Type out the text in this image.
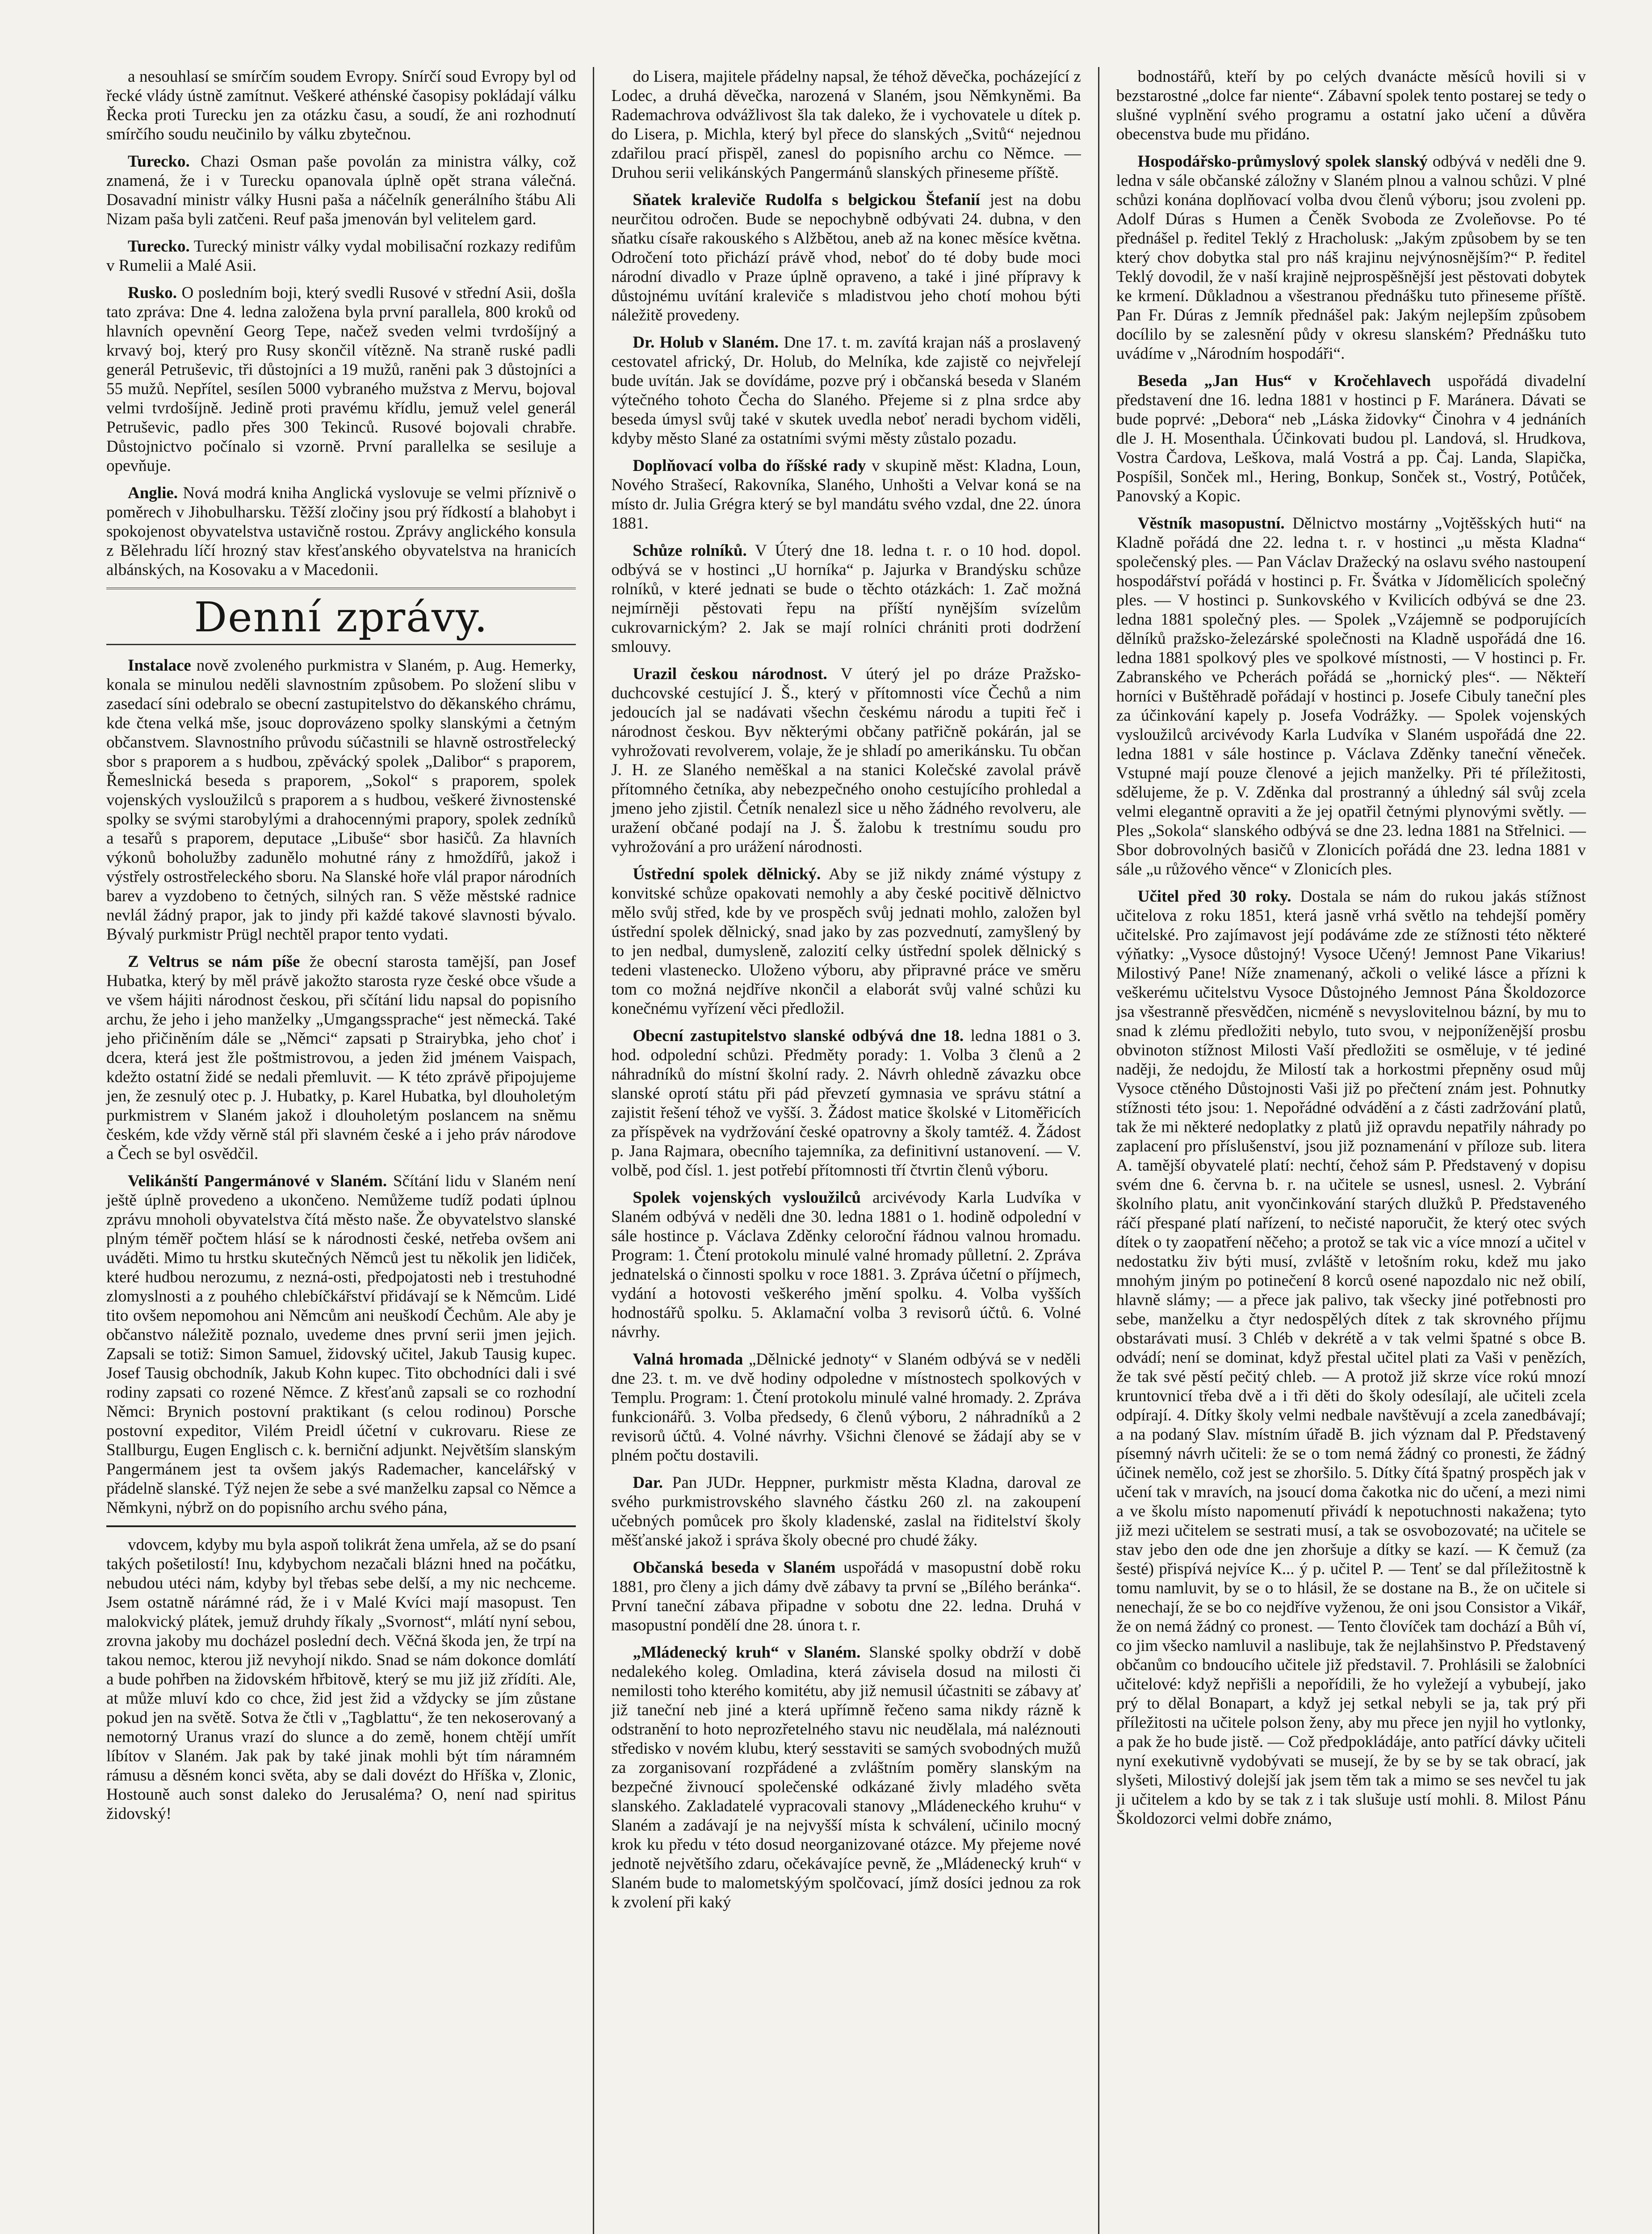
a nesouhlasí se smírčím soudem Evropy. Snírčí soud Evropy byl od řecké vlády ústně zamítnut. Veškeré athénské časopisy pokládají válku Řecka proti Turecku jen za otázku času, a soudí, že ani rozhodnutí smírčího soudu neučinilo by válku zbytečnou.

Turecko. Chazi Osman paše povolán za ministra války, což znamená, že i v Turecku opanovala úplně opět strana válečná. Dosavadní ministr války Husni paša a náčelník generálního štábu Ali Nizam paša byli zatčeni. Reuf paša jmenován byl velitelem gard.

Turecko. Turecký ministr války vydal mobilisační rozkazy redifům v Rumelii a Malé Asii.

Rusko. O posledním boji, který svedli Rusové v střední Asii, došla tato zpráva: Dne 4. ledna založena byla první parallela, 800 kroků od hlavních opevnění Georg Tepe, načež sveden velmi tvrdošíjný a krvavý boj, který pro Rusy skončil vítězně. Na straně ruské padli generál Petruševic, tři důstojníci a 19 mužů, raněni pak 3 důstojníci a 55 mužů. Nepřítel, sesílen 5000 vybraného mužstva z Mervu, bojoval velmi tvrdošíjně. Jedině proti pravému křídlu, jemuž velel generál Petruševic, padlo přes 300 Tekinců. Rusové bojovali chrabře. Důstojnictvo počínalo si vzorně. První parallelka se sesiluje a opevňuje.

Anglie. Nová modrá kniha Anglická vyslovuje se velmi příznivě o poměrech v Jihobulharsku. Těžší zločiny jsou prý řídkostí a blahobyt i spokojenost obyvatelstva ustavičně rostou. Zprávy anglického konsula z Bělehradu líčí hrozný stav křesťanského obyvatelstva na hranicích albánských, na Kosovaku a v Macedonii.

Denní zprávy.

Instalace nově zvoleného purkmistra v Slaném, p. Aug. Hemerky, konala se minulou neděli slavnostním způsobem. Po složení slibu v zasedací síni odebralo se obecní zastupitelstvo do děkanského chrámu, kde čtena velká mše, jsouc doprovázeno spolky slanskými a četným občanstvem. Slavnostního průvodu súčastnili se hlavně ostrostřelecký sbor s praporem a s hudbou, zpěvácký spolek „Dalibor“ s praporem, Řemeslnická beseda s praporem, „Sokol“ s praporem, spolek vojenských vysloužilců s praporem a s hudbou, veškeré živnostenské spolky se svými starobylými a drahocennými prapory, spolek zedníků a tesařů s praporem, deputace „Libuše“ sbor hasičů. Za hlavních výkonů boholužby zadunělo mohutné rány z hmoždířů, jakož i výstřely ostrostřeleckého sboru. Na Slanské hoře vlál prapor národních barev a vyzdobeno to četných, silných ran. S věže městské radnice nevlál žádný prapor, jak to jindy při každé takové slavnosti bývalo. Bývalý purkmistr Prügl nechtěl prapor tento vydati.

Z Veltrus se nám píše že obecní starosta tamější, pan Josef Hubatka, který by měl právě jakožto starosta ryze české obce všude a ve všem hájiti národnost českou, při sčítání lidu napsal do popisního archu, že jeho i jeho manželky „Umgangssprache“ jest německá. Také jeho přičiněním dále se „Němci“ zapsati p Strairybka, jeho choť i dcera, která jest žle poštmistrovou, a jeden žid jménem Vaispach, kdežto ostatní židé se nedali přemluvit. — K této zprávě připojujeme jen, že zesnulý otec p. J. Hubatky, p. Karel Hubatka, byl dlouholetým purkmistrem v Slaném jakož i dlouholetým poslancem na sněmu českém, kde vždy věrně stál při slavném české a i jeho práv národove a Čech se byl osvědčil.

Velikánští Pangermánové v Slaném. Sčítání lidu v Slaném není ještě úplně provedeno a ukončeno. Nemůžeme tudíž podati úplnou zprávu mnoholi obyvatelstva čítá město naše. Že obyvatelstvo slanské plným téměř počtem hlásí se k národnosti české, netřeba ovšem ani uváděti. Mimo tu hrstku skutečných Němců jest tu několik jen lidiček, které hudbou nerozumu, z nezná-osti, předpojatosti neb i trestuhodné zlomyslnosti a z pouhého chlebíčkářství přidávají se k Němcům. Lidé tito ovšem nepomohou ani Němcům ani neuškodí Čechům. Ale aby je občanstvo náležitě poznalo, uvedeme dnes první serii jmen jejich. Zapsali se totiž: Simon Samuel, židovský učitel, Jakub Tausig kupec. Josef Tausig obchodník, Jakub Kohn kupec. Tito obchodníci dali i své rodiny zapsati co rozené Němce. Z křesťanů zapsali se co rozhodní Němci: Brynich postovní praktikant (s celou rodinou) Porsche postovní expeditor, Vilém Preidl účetní v cukrovaru. Riese ze Stallburgu, Eugen Englisch c. k. berniční adjunkt. Největším slanským Pangermánem jest ta ovšem jakýs Rademacher, kancelářský v přádelně slanské. Týž nejen že sebe a své manželku zapsal co Němce a Němkyni, nýbrž on do popisního archu svého pána,

vdovcem, kdyby mu byla aspoň tolikrát žena umřela, až se do psaní takých pošetilostí! Inu, kdybychom nezačali blázni hned na počátku, nebudou utéci nám, kdyby byl třebas sebe delší, a my nic nechceme. Jsem ostatně nárámné rád, že i v Malé Kvíci mají masopust. Ten malokvický plátek, jemuž druhdy říkaly „Svornost“, mlátí nyní sebou, zrovna jakoby mu docházel poslední dech. Věčná škoda jen, že trpí na takou nemoc, kterou již nevyhojí nikdo. Snad se nám dokonce domlátí a bude pohřben na židovském hřbitově, který se mu již již zřídíti. Ale, at může mluví kdo co chce, žid jest žid a vždycky se jím zůstane pokud jen na světě. Sotva že čtli v „Tagblattu“, že ten nekoserovaný a nemotorný Uranus vrazí do slunce a do země, honem chtějí umřít líbítov v Slaném. Jak pak by také jinak mohli být tím náramném rámusu a děsném konci světa, aby se dali dovézt do Hříška v, Zlonic, Hostouně auch sonst daleko do Jerusaléma? O, není nad spiritus židovský!

do Lisera, majitele přádelny napsal, že téhož děvečka, pocházející z Lodec, a druhá děvečka, narozená v Slaném, jsou Němkyněmi. Ba Rademachrova odvážlivost šla tak daleko, že i vychovatele u dítek p. do Lisera, p. Michla, který byl přece do slanských „Svitů“ nejednou zdařilou prací přispěl, zanesl do popisního archu co Němce. — Druhou serii velikánských Pangermánů slanských přineseme příště.

Sňatek kraleviče Rudolfa s belgickou Štefanií jest na dobu neurčitou odročen. Bude se nepochybně odbývati 24. dubna, v den sňatku císaře rakouského s Alžbětou, aneb až na konec měsíce května. Odročení toto přichází právě vhod, neboť do té doby bude moci národní divadlo v Praze úplně opraveno, a také i jiné přípravy k důstojnému uvítání kraleviče s mladistvou jeho chotí mohou býti náležitě provedeny.

Dr. Holub v Slaném. Dne 17. t. m. zavítá krajan náš a proslavený cestovatel africký, Dr. Holub, do Melníka, kde zajistě co nejvřelejí bude uvítán. Jak se dovídáme, pozve prý i občanská beseda v Slaném výtečného tohoto Čecha do Slaného. Přejeme si z plna srdce aby beseda úmysl svůj také v skutek uvedla neboť neradi bychom viděli, kdyby město Slané za ostatními svými městy zůstalo pozadu.

Doplňovací volba do říšské rady v skupině měst: Kladna, Loun, Nového Strašecí, Rakovníka, Slaného, Unhošti a Velvar koná se na místo dr. Julia Grégra který se byl mandátu svého vzdal, dne 22. února 1881.

Schůze rolníků. V Úterý dne 18. ledna t. r. o 10 hod. dopol. odbývá se v hostinci „U horníka“ p. Jajurka v Brandýsku schůze rolníků, v které jednati se bude o těchto otázkách: 1. Zač možná nejmírněji pěstovati řepu na příští nynějším svízelům cukrovarnickým? 2. Jak se mají rolníci chrániti proti dodržení smlouvy.

Urazil českou národnost. V úterý jel po dráze Pražsko-duchcovské cestující J. Š., který v přítomnosti více Čechů a nim jedoucích jal se nadávati všechn českému národu a tupiti řeč i národnost českou. Byv některými občany patřičně pokárán, jal se vyhrožovati revolverem, volaje, že je shladí po amerikánsku. Tu občan J. H. ze Slaného neměškal a na stanici Kolečské zavolal právě přítomného četníka, aby nebezpečného onoho cestujícího prohledal a jmeno jeho zjistil. Četník nenalezl sice u něho žádného revolveru, ale uražení občané podají na J. Š. žalobu k trestnímu soudu pro vyhrožování a pro urážení národnosti.

Ústřední spolek dělnický. Aby se již nikdy známé výstupy z konvitské schůze opakovati nemohly a aby české pocitivě dělnictvo mělo svůj střed, kde by ve prospěch svůj jednati mohlo, založen byl ústřední spolek dělnický, snad jako by zas pozvednutí, zamyšlený by to jen nedbal, dumysleně, zalozití celky ústřední spolek dělnický s tedeni vlastenecko. Uloženo výboru, aby připravné práce ve směru tom co možná nejdříve nkončil a elaborát svůj valné schůzi ku konečnému vyřízení věci předložil.

Obecní zastupitelstvo slanské odbývá dne 18. ledna 1881 o 3. hod. odpolední schůzi. Předměty porady: 1. Volba 3 členů a 2 náhradníků do místní školní rady. 2. Návrh ohledně závazku obce slanské oprotí státu při pád převzetí gymnasia ve správu státní a zajistit řešení téhož ve vyšší. 3. Žádost matice školské v Litoměřicích za příspěvek na vydržování české opatrovny a školy tamtéž. 4. Žádost p. Jana Rajmara, obecního tajemníka, za definitivní ustanovení. — V. volbě, pod čísl. 1. jest potřebí přítomnosti tří čtvrtin členů výboru.

Spolek vojenských vysloužilců arcivévody Karla Ludvíka v Slaném odbývá v neděli dne 30. ledna 1881 o 1. hodině odpolední v sále hostince p. Václava Zděnky celoroční řádnou valnou hromadu. Program: 1. Čtení protokolu minulé valné hromady půlletní. 2. Zpráva jednatelská o činnosti spolku v roce 1881. 3. Zpráva účetní o příjmech, vydání a hotovosti veškerého jmění spolku. 4. Volba vyšších hodnostářů spolku. 5. Aklamační volba 3 revisorů účtů. 6. Volné návrhy.

Valná hromada „Dělnické jednoty“ v Slaném odbývá se v neděli dne 23. t. m. ve dvě hodiny odpoledne v místnostech spolkových v Templu. Program: 1. Čtení protokolu minulé valné hromady. 2. Zpráva funkcionářů. 3. Volba předsedy, 6 členů výboru, 2 náhradníků a 2 revisorů účtů. 4. Volné návrhy. Všichni členové se žádají aby se v plném počtu dostavili.

Dar. Pan JUDr. Heppner, purkmistr města Kladna, daroval ze svého purkmistrovského slavného částku 260 zl. na zakoupení učebných pomůcek pro školy kladenské, zaslal na řiditelství školy měšťanské jakož i správa školy obecné pro chudé žáky.

Občanská beseda v Slaném uspořádá v masopustní době roku 1881, pro členy a jich dámy dvě zábavy ta první se „Bílého beránka“. První taneční zábava připadne v sobotu dne 22. ledna. Druhá v masopustní pondělí dne 28. února t. r.

„Mládenecký kruh“ v Slaném. Slanské spolky obdrží v době nedalekého koleg. Omladina, která závisela dosud na milosti či nemilosti toho kterého komitétu, aby již nemusil účastniti se zábavy ať již taneční neb jiné a která upřímně řečeno sama nikdy rázně k odstranění to hoto neprozřetelného stavu nic neudělala, má naléznouti středisko v novém klubu, který sesstaviti se samých svobodných mužů za zorganisovaní rozpřádené a zvláštním poměry slanským na bezpečné živnoucí společenské odkázané živly mladého světa slanského. Zakladatelé vypracovali stanovy „Mládeneckého kruhu“ v Slaném a zadávají je na nejvyšší místa k schválení, učinilo mocný krok ku předu v této dosud neorganizované otázce. My přejeme nové jednotě největšího zdaru, očekávajíce pevně, že „Mládenecký kruh“ v Slaném bude to malometskýým spolčovací, jímž dosíci jednou za rok k zvolení při kaký

bodnostářů, kteří by po celých dvanácte měsíců hovili si v bezstarostné „dolce far niente“. Zábavní spolek tento postarej se tedy o slušné vyplnění svého programu a ostatní jako učení a důvěra obecenstva bude mu přidáno.

Hospodářsko-průmyslový spolek slanský odbývá v neděli dne 9. ledna v sále občanské záložny v Slaném plnou a valnou schůzi. V plné schůzi konána doplňovací volba dvou členů výboru; jsou zvoleni pp. Adolf Dúras s Humen a Čeněk Svoboda ze Zvoleňovse. Po té přednášel p. ředitel Teklý z Hracholusk: „Jakým způsobem by se ten který chov dobytka stal pro náš krajinu nejvýnosnějším?“ P. ředitel Teklý dovodil, že v naší krajině nejprospěšnější jest pěstovati dobytek ke krmení. Důkladnou a všestranou přednášku tuto přineseme příště. Pan Fr. Dúras z Jemník přednášel pak: Jakým nejlepším způsobem docílilo by se zalesnění půdy v okresu slanském? Přednášku tuto uvádíme v „Národním hospodáři“.

Beseda „Jan Hus“ v Kročehlavech uspořádá divadelní představení dne 16. ledna 1881 v hostinci p F. Maránera. Dávati se bude poprvé: „Debora“ neb „Láska židovky“ Činohra v 4 jednáních dle J. H. Mosenthala. Účinkovati budou pl. Landová, sl. Hrudkova, Vostra Čardova, Leškova, malá Vostrá a pp. Čaj. Landa, Slapička, Pospíšil, Sonček ml., Hering, Bonkup, Sonček st., Vostrý, Potůček, Panovský a Kopic.

Věstník masopustní. Dělnictvo mostárny „Vojtěšských huti“ na Kladně pořádá dne 22. ledna t. r. v hostinci „u města Kladna“ společenský ples. — Pan Václav Dražecký na oslavu svého nastoupení hospodářství pořádá v hostinci p. Fr. Švátka v Jídomělicích společný ples. — V hostinci p. Sunkovského v Kvilicích odbývá se dne 23. ledna 1881 společný ples. — Spolek „Vzájemně se podporujících dělníků pražsko-železárské společnosti na Kladně uspořádá dne 16. ledna 1881 spolkový ples ve spolkové místnosti, — V hostinci p. Fr. Zabranského ve Pcherách pořádá se „hornický ples“. — Někteří horníci v Buštěhradě pořádají v hostinci p. Josefe Cibuly taneční ples za účinkování kapely p. Josefa Vodrážky. — Spolek vojenských vysloužilců arcivévody Karla Ludvíka v Slaném uspořádá dne 22. ledna 1881 v sále hostince p. Václava Zděnky taneční věneček. Vstupné mají pouze členové a jejich manželky. Při té příležitosti, sdělujeme, že p. V. Zděnka dal prostranný a úhledný sál svůj zcela velmi elegantně opraviti a že jej opatřil četnými plynovými světly. — Ples „Sokola“ slanského odbývá se dne 23. ledna 1881 na Střelnici. — Sbor dobrovolných basičů v Zlonicích pořádá dne 23. ledna 1881 v sále „u růžového věnce“ v Zlonicích ples.

Učitel před 30 roky. Dostala se nám do rukou jakás stížnost učitelova z roku 1851, která jasně vrhá světlo na tehdejší poměry učitelské. Pro zajímavost její podáváme zde ze stížnosti této některé výňatky: „Vysoce důstojný! Vysoce Učený! Jemnost Pane Vikarius! Milostivý Pane! Níže znamenaný, ačkoli o veliké lásce a přízni k veškerému učitelstvu Vysoce Důstojného Jemnost Pána Školdozorce jsa všestranně přesvědčen, nicméně s nevyslovitelnou bázní, by mu to snad k zlému předložiti nebylo, tuto svou, v nejponíženější prosbu obvinoton stížnost Milosti Vaší předložiti se osměluje, v té jediné naději, že nedojdu, že Milostí tak a horkostmi přepněny osud můj Vysoce ctěného Důstojnosti Vaši již po přečtení znám jest. Pohnutky stížnosti této jsou: 1. Nepořádné odvádění a z části zadržování platů, tak že mi některé nedoplatky z platů již opravdu nepatřily náhrady po zaplacení pro příslušenství, jsou již poznamenání v příloze sub. litera A. tamější obyvatelé platí: nechtí, čehož sám P. Představený v dopisu svém dne 6. června b. r. na učitele se usnesl, usnesl. 2. Vybrání školního platu, anit vyončinkování starých dlužků P. Představeného ráčí přespané platí nařízení, to nečisté naporučit, že který otec svých dítek o ty zaopatření něčeho; a protož se tak vic a více mnozí a učitel v nedostatku živ býti musí, zvláště v letošním roku, kdež mu jako mnohým jiným po potinečení 8 korců osené napozdalo nic než obilí, hlavně slámy; — a přece jak palivo, tak všecky jiné potřebnosti pro sebe, manželku a čtyr nedospělých dítek z tak skrovného příjmu obstarávati musí. 3 Chléb v dekrétě a v tak velmi špatné s obce B. odvádí; není se dominat, když přestal učitel plati za Vaši v penězích, že tak své pěstí pečitý chleb. — A protož již skrze více rokú mnozí kruntovnicí třeba dvě a i tři děti do školy odesílají, ale učiteli zcela odpírají. 4. Dítky školy velmi nedbale navštěvují a zcela zanedbávají; a na podaný Slav. místním úřadě B. jich význam dal P. Představený písemný návrh učiteli: že se o tom nemá žádný co pronesti, že žádný účinek nemělo, což jest se zhoršilo. 5. Dítky čítá špatný prospěch jak v učení tak v mravích, na jsoucí doma čakotka nic do učení, a mezi nimi a ve školu místo napomenutí přivádí k nepotuchnosti nakažena; tyto již mezi učitelem se sestrati musí, a tak se osvobozovaté; na učitele se stav jebo den ode dne jen zhoršuje a dítky se kazí. — K čemuž (za šesté) přispívá nejvíce K... ý p. učitel P. — Tenť se dal příležitostně k tomu namluvit, by se o to hlásil, že se dostane na B., že on učitele si nenechají, že se bo co nejdříve vyženou, že oni jsou Consistor a Vikář, že on nemá žádný co pronest. — Tento človíček tam dochází a Bůh ví, co jim všecko namluvil a naslibuje, tak že nejlahšinstvo P. Představený občanům co bndoucího učitele již představil. 7. Prohlásili se žalobníci učitelové: když nepřišli a nepořídili, že ho vyležejí a vybubejí, jako prý to dělal Bonapart, a když jej setkal nebyli se ja, tak prý při příležitosti na učitele polson ženy, aby mu přece jen nyjil ho vytlonky, a pak že ho bude jistě. — Což předpokládáje, anto patřící dávky učiteli nyní exekutivně vydobývati se musejí, že by se by se tak obrací, jak slyšeti, Milostivý dolejší jak jsem těm tak a mimo se ses nevčel tu jak ji učitelem a kdo by se tak z i tak slušuje ustí mohli. 8. Milost Pánu Školdozorci velmi dobře známo,
